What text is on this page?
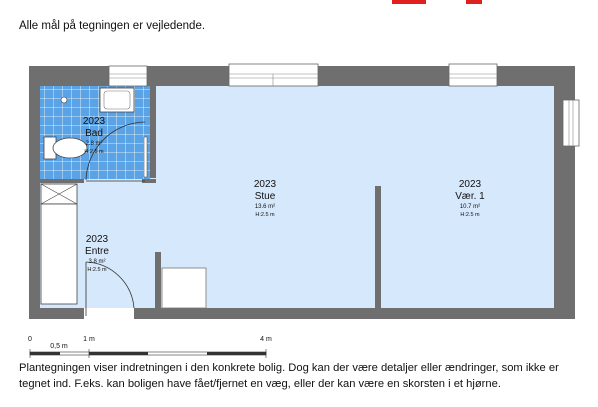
Alle mål på tegningen er vejledende.
2023
Bad
2.8 m²
H:2.5 m
2023
Stue
13.6 m²
H:2.5 m
2023
Vær. 1
10.7 m²
H:2.5 m
2023
Entre
3.8 m²
H:2.5 m
0
0,5 m
1 m	4 m
Plantegningen viser indretningen i den konkrete bolig. Dog kan der være detaljer eller ændringer, som ikke er tegnet ind. F.eks. kan boligen have fået/fjernet en væg, eller der kan være en skorsten i et hjørne.
